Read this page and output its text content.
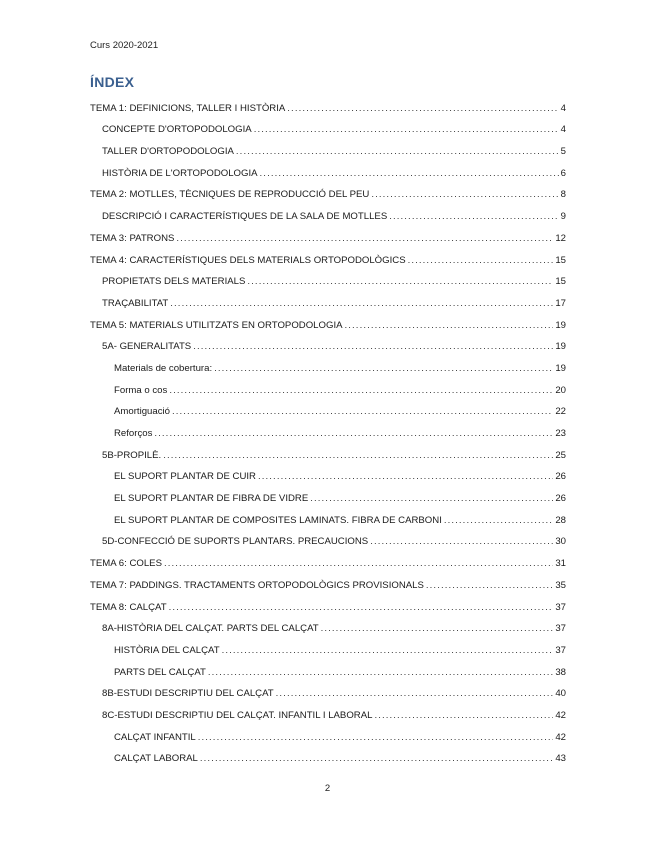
Curs 2020-2021
ÍNDEX
TEMA 1: DEFINICIONS, TALLER I HISTÒRIA .....	4
CONCEPTE D'ORTOPODOLOGIA .....	4
TALLER D'ORTOPODOLOGIA .....	5
HISTÒRIA DE L'ORTOPODOLOGIA .....	6
TEMA 2: MOTLLES, TÈCNIQUES DE REPRODUCCIÓ DEL PEU .....	8
DESCRIPCIÓ I CARACTERÍSTIQUES DE LA SALA DE MOTLLES .....	9
TEMA 3: PATRONS .....	12
TEMA 4: CARACTERÍSTIQUES DELS MATERIALS ORTOPODOLÒGICS .....	15
PROPIETATS DELS MATERIALS .....	15
TRAÇABILITAT .....	17
TEMA 5: MATERIALS UTILITZATS EN ORTOPODOLOGIA .....	19
5A- GENERALITATS .....	19
Materials de cobertura: .....	19
Forma o cos .....	20
Amortiguació .....	22
Reforços .....	23
5B-PROPILÈ. .....	25
EL SUPORT PLANTAR DE CUIR .....	26
EL SUPORT PLANTAR DE FIBRA DE VIDRE .....	26
EL SUPORT PLANTAR DE COMPOSITES LAMINATS. FIBRA DE CARBONI .....	28
5D-CONFECCIÓ DE SUPORTS PLANTARS. PRECAUCIONS .....	30
TEMA 6: COLES .....	31
TEMA 7: PADDINGS. TRACTAMENTS ORTOPODOLÒGICS PROVISIONALS .....	35
TEMA 8: CALÇAT .....	37
8A-HISTÒRIA DEL CALÇAT. PARTS DEL CALÇAT .....	37
HISTÒRIA DEL CALÇAT .....	37
PARTS DEL CALÇAT .....	38
8B-ESTUDI DESCRIPTIU DEL CALÇAT .....	40
8C-ESTUDI DESCRIPTIU DEL CALÇAT. INFANTIL I LABORAL .....	42
CALÇAT INFANTIL .....	42
CALÇAT LABORAL .....	43
2
